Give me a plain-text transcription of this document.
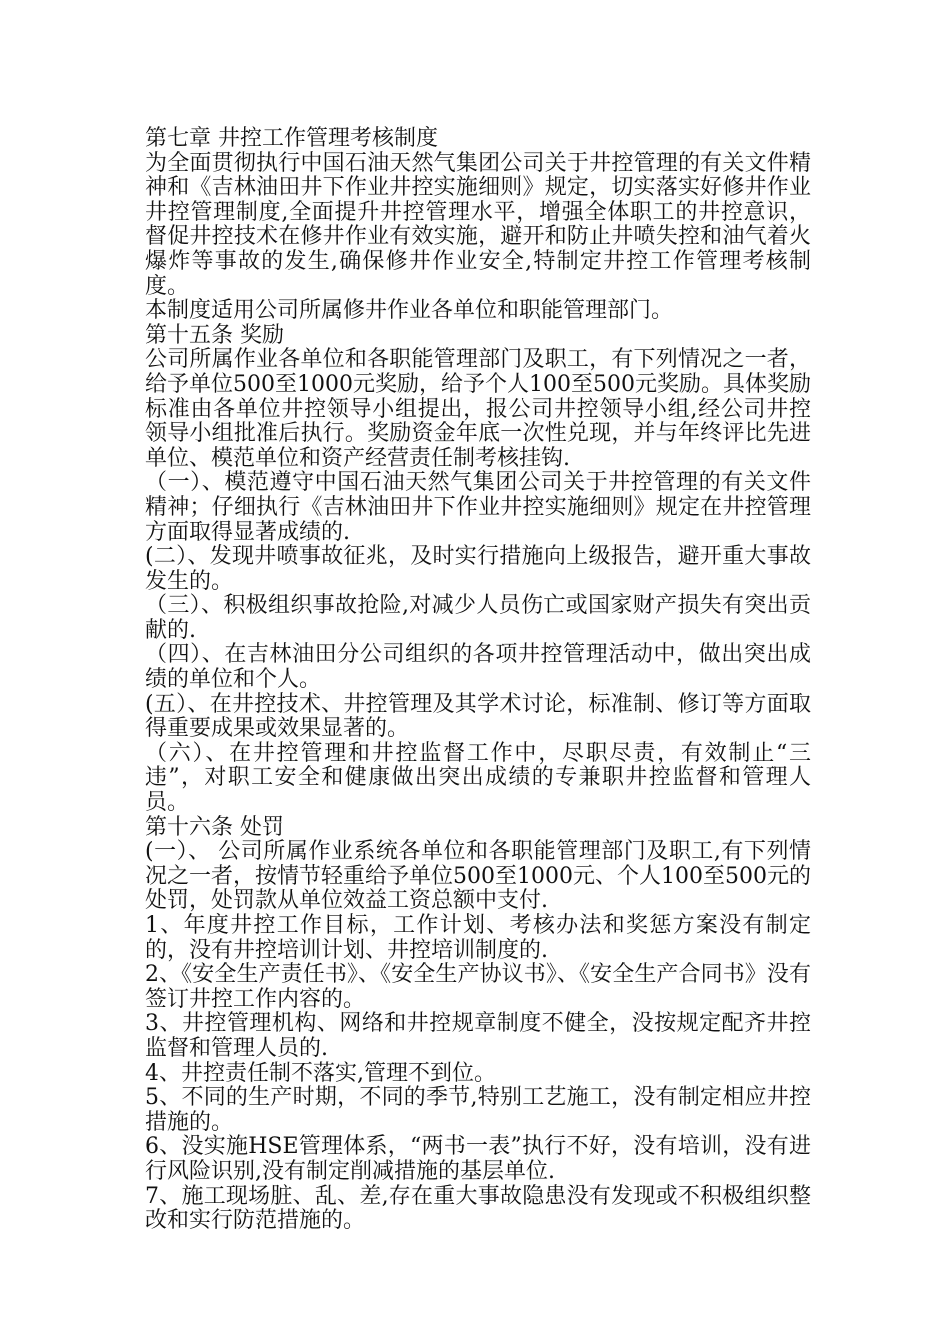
第七章 井控工作管理考核制度

为全面贯彻执行中国石油天然气集团公司关于井控管理的有关文件精神和《吉林油田井下作业井控实施细则》规定，切实落实好修井作业井控管理制度,全面提升井控管理水平，增强全体职工的井控意识，督促井控技术在修井作业有效实施，避开和防止井喷失控和油气着火爆炸等事故的发生,确保修井作业安全,特制定井控工作管理考核制度。

本制度适用公司所属修井作业各单位和职能管理部门。

第十五条 奖励

公司所属作业各单位和各职能管理部门及职工，有下列情况之一者，给予单位500至1000元奖励，给予个人100至500元奖励。具体奖励标准由各单位井控领导小组提出，报公司井控领导小组,经公司井控领导小组批准后执行。奖励资金年底一次性兑现，并与年终评比先进单位、模范单位和资产经营责任制考核挂钩.

（一）、模范遵守中国石油天然气集团公司关于井控管理的有关文件精神；仔细执行《吉林油田井下作业井控实施细则》规定在井控管理方面取得显著成绩的.

(二）、发现井喷事故征兆，及时实行措施向上级报告，避开重大事故发生的。

（三）、积极组织事故抢险,对减少人员伤亡或国家财产损失有突出贡献的.

（四）、在吉林油田分公司组织的各项井控管理活动中，做出突出成绩的单位和个人。

(五）、在井控技术、井控管理及其学术讨论，标准制、修订等方面取得重要成果或效果显著的。

（六）、在井控管理和井控监督工作中，尽职尽责，有效制止“三违”，对职工安全和健康做出突出成绩的专兼职井控监督和管理人员。

第十六条 处罚

(一）、 公司所属作业系统各单位和各职能管理部门及职工,有下列情况之一者，按情节轻重给予单位500至1000元、个人100至500元的处罚，处罚款从单位效益工资总额中支付.

1、年度井控工作目标，工作计划、考核办法和奖惩方案没有制定的，没有井控培训计划、井控培训制度的.

2、《安全生产责任书》、《安全生产协议书》、《安全生产合同书》没有签订井控工作内容的。

3、井控管理机构、网络和井控规章制度不健全，没按规定配齐井控监督和管理人员的.

4、井控责任制不落实,管理不到位。

5、不同的生产时期，不同的季节,特别工艺施工，没有制定相应井控措施的。

6、没实施HSE管理体系，“两书一表”执行不好，没有培训，没有进行风险识别,没有制定削减措施的基层单位.

7、施工现场脏、乱、差,存在重大事故隐患没有发现或不积极组织整改和实行防范措施的。
